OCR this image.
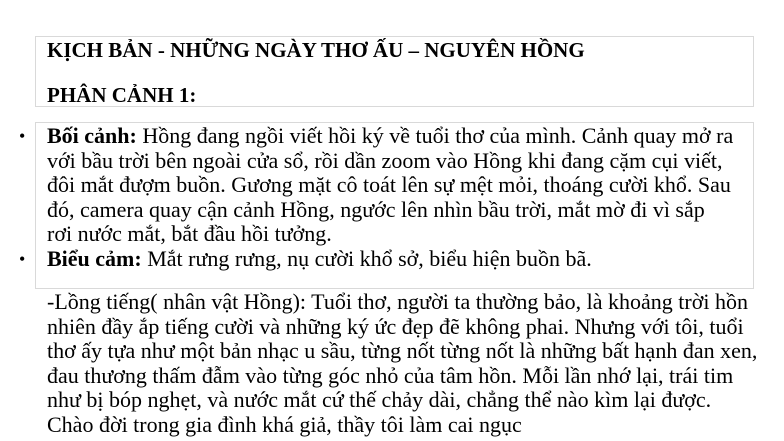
KỊCH BẢN - NHỮNG NGÀY THƠ ẤU – NGUYÊN HỒNG
PHÂN CẢNH 1:
• Bối cảnh: Hồng đang ngồi viết hồi ký về tuổi thơ của mình. Cảnh quay mở ra với bầu trời bên ngoài cửa sổ, rồi dần zoom vào Hồng khi đang cặm cụi viết, đôi mắt đượm buồn. Gương mặt cô toát lên sự mệt mỏi, thoáng cười khổ. Sau đó, camera quay cận cảnh Hồng, ngước lên nhìn bầu trời, mắt mờ đi vì sắp rơi nước mắt, bắt đầu hồi tưởng.
• Biểu cảm: Mắt rưng rưng, nụ cười khổ sở, biểu hiện buồn bã.

-Lồng tiếng( nhân vật Hồng): Tuổi thơ, người ta thường bảo, là khoảng trời hồn nhiên đầy ắp tiếng cười và những ký ức đẹp đẽ không phai. Nhưng với tôi, tuổi thơ ấy tựa như một bản nhạc u sầu, từng nốt từng nốt là những bất hạnh đan xen, đau thương thấm đẫm vào từng góc nhỏ của tâm hồn. Mỗi lần nhớ lại, trái tim như bị bóp nghẹt, và nước mắt cứ thế chảy dài, chẳng thể nào kìm lại được. Chào đời trong gia đình khá giả, thầy tôi làm cai ngục
